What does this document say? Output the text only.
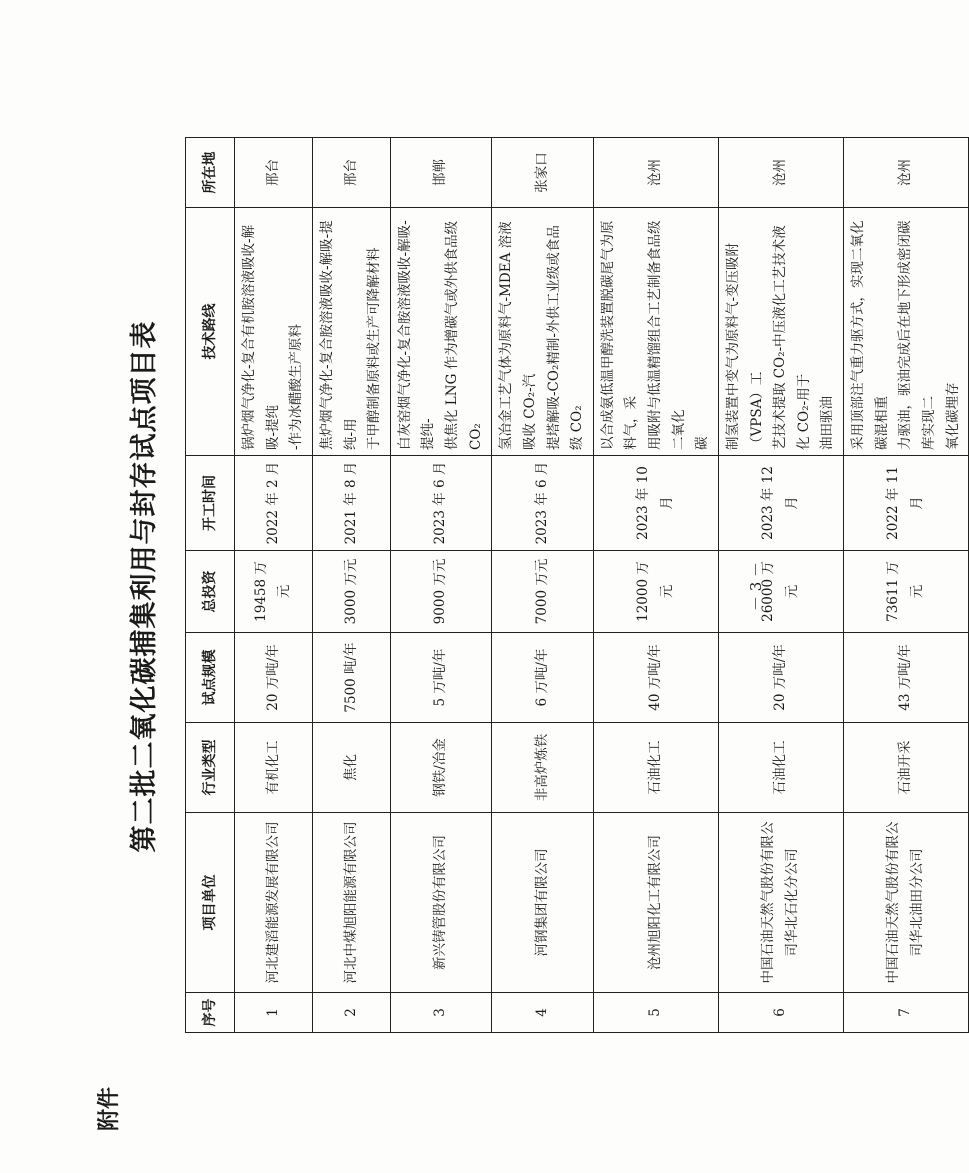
附件
第二批二氧化碳捕集利用与封存试点项目表
序号	项目单位	行业类型	试点规模	总投资	开工时间	技术路线	所在地
1	河北建滔能源发展有限公司	有机化工	20 万吨/年	19458 万元	2022 年 2 月	锅炉烟气净化-复合有机胺溶液吸收-解吸-提纯 -作为冰醋酸生产原料	邢台
2	河北中煤旭阳能源有限公司	焦化	7500 吨/年	3000 万元	2021 年 8 月	焦炉烟气净化-复合胺溶液吸收-解吸-提纯-用 于甲醇制备原料或生产可降解材料	邢台
3	新兴铸管股份有限公司	钢铁/冶金	5 万吨/年	9000 万元	2023 年 6 月	白灰窑烟气净化-复合胺溶液吸收-解吸-提纯- 供焦化 LNG 作为增碳气或外供食品级 CO₂	邯郸
4	河钢集团有限公司	非高炉炼铁	6 万吨/年	7000 万元	2023 年 6 月	氢冶金工艺气体为原料气-MDEA 溶液吸收 CO₂-汽 提塔解吸-CO₂精制-外供工业级或食品级 CO₂	张家口
5	沧州旭阳化工有限公司	石油化工	40 万吨/年	12000 万元	2023 年 10 月	以合成氨低温甲醇洗装置脱碳尾气为原料气，采 用吸附与低温精馏组合工艺制备食品级二氧化 碳	沧州
6	中国石油天然气股份有限公司华北石化分公司	石油化工	20 万吨/年	26000 万元	2023 年 12 月	制氢装置中变气为原料气-变压吸附（VPSA）工 艺技术提取 CO₂-中压液化工艺技术液化 CO₂-用于 油田驱油	沧州
7	中国石油天然气股份有限公司华北油田分公司	石油开采	43 万吨/年	73611 万元	2022 年 11 月	采用顶部注气重力驱方式，实现二氧化碳混相重 力驱油，驱油完成后在地下形成密闭碳库实现二 氧化碳埋存	沧州
－ 3 －
